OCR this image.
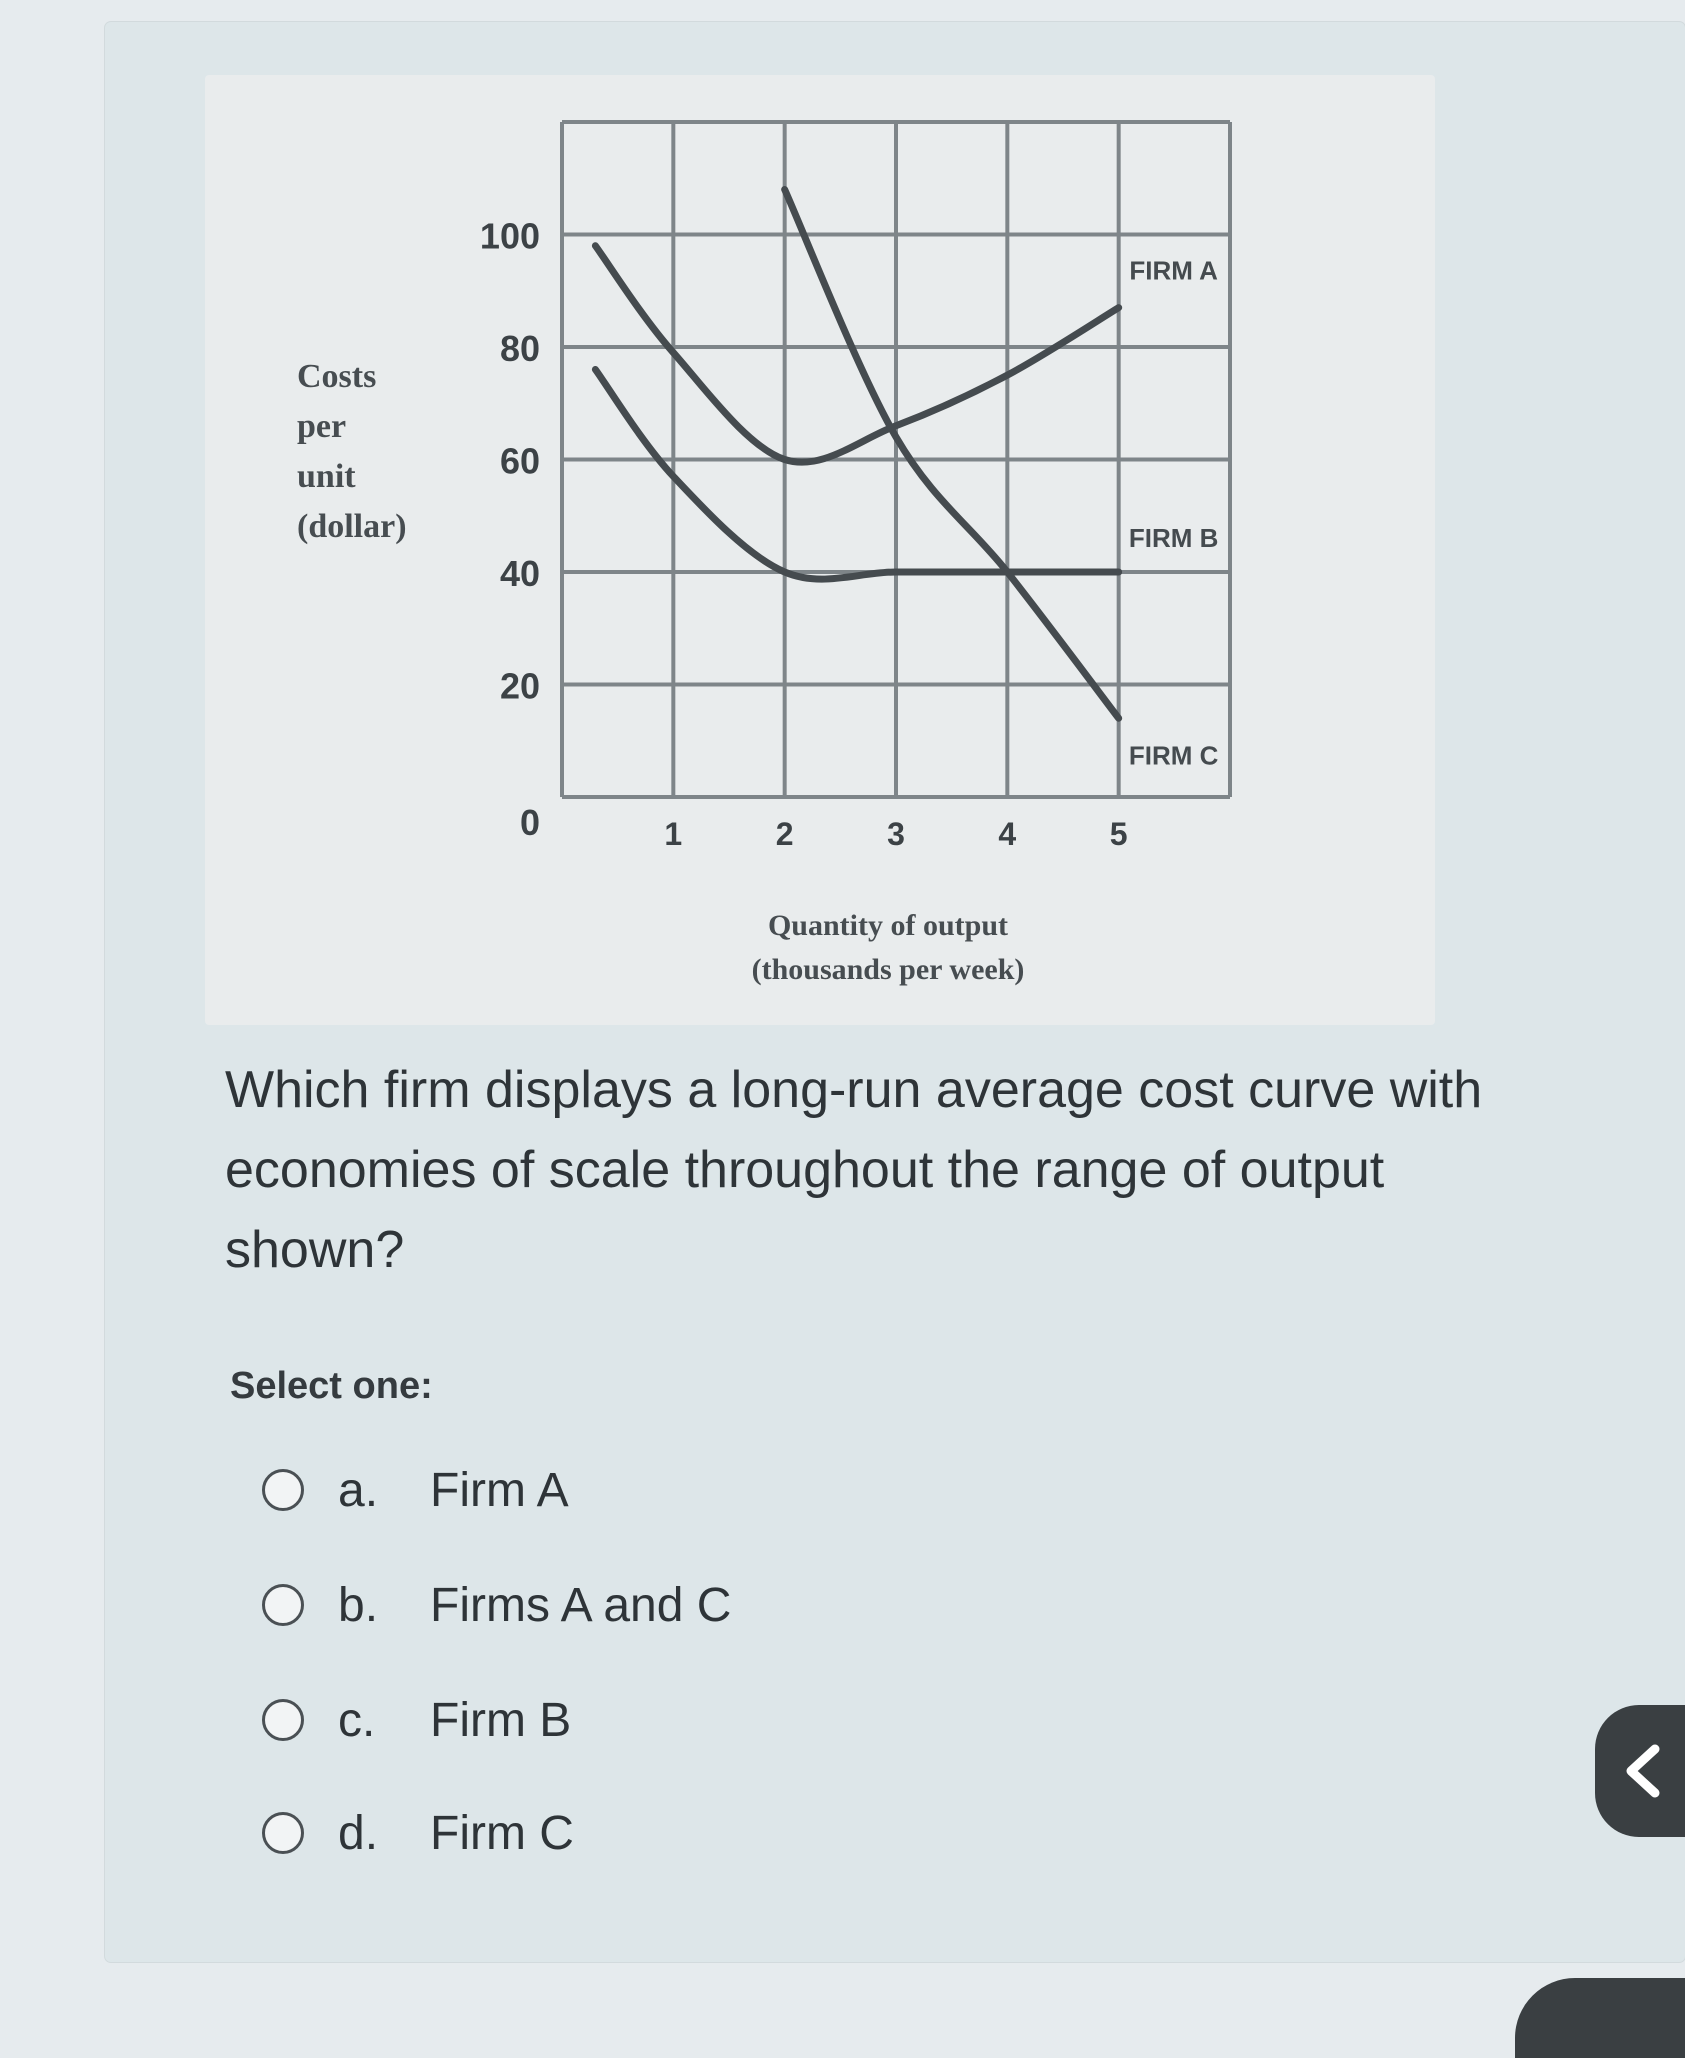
0
20
40
60
80
100
1	2	3	4	5
Costs
per
unit
(dollar)
Quantity of output
(thousands per week)
FIRM A
FIRM B
FIRM C
Which firm displays a long-run average cost curve with economies of scale throughout the range of output shown?
Select one:
a.	Firm A
b.	Firms A and C
c.	Firm B
d.	Firm C
